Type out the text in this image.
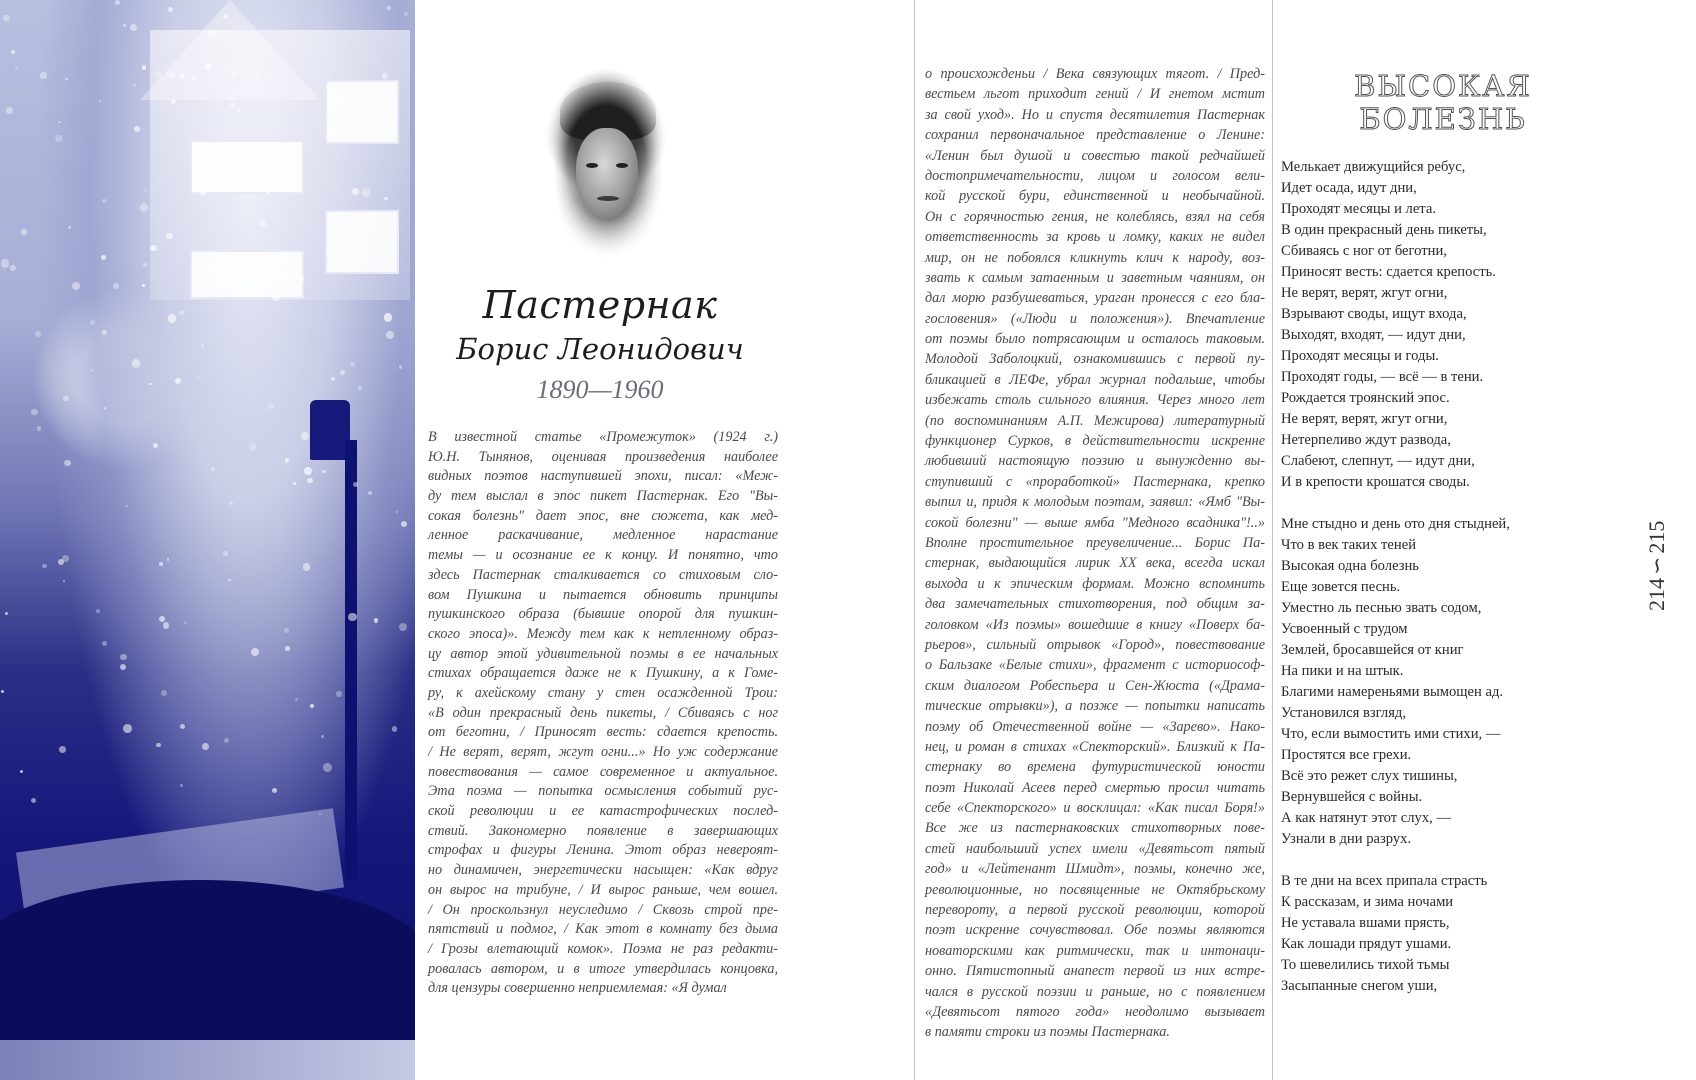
Пастернак
Борис Леонидович
1890—1960
В известной статье «Промежуток» (1924 г.)
Ю.Н. Тынянов, оценивая произведения наиболее
видных поэтов наступившей эпохи, писал: «Меж-
ду тем выслал в эпос пикет Пастернак. Его "Вы-
сокая болезнь" дает эпос, вне сюжета, как мед-
ленное раскачивание, медленное нарастание
темы — и осознание ее к концу. И понятно, что
здесь Пастернак сталкивается со стиховым сло-
вом Пушкина и пытается обновить принципы
пушкинского образа (бывшие опорой для пушкин-
ского эпоса)». Между тем как к нетленному образ-
цу автор этой удивительной поэмы в ее начальных
стихах обращается даже не к Пушкину, а к Гоме-
ру, к ахейскому стану у стен осажденной Трои:
«В один прекрасный день пикеты, / Сбиваясь с ног
от беготни, / Приносят весть: сдается крепость.
/ Не верят, верят, жгут огни...» Но уж содержание
повествования — самое современное и актуальное.
Эта поэма — попытка осмысления событий рус-
ской революции и ее катастрофических послед-
ствий. Закономерно появление в завершающих
строфах и фигуры Ленина. Этот образ невероят-
но динамичен, энергетически насыщен: «Как вдруг
он вырос на трибуне, / И вырос раньше, чем вошел.
/ Он проскользнул неуследимо / Сквозь строй пре-
пятствий и подмог, / Как этот в комнату без дыма
/ Грозы влетающий комок». Поэма не раз редакти-
ровалась автором, и в итоге утвердилась концовка,
для цензуры совершенно неприемлемая: «Я думал
о происхожденьи / Века связующих тягот. / Пред-
вестьем льгот приходит гений / И гнетом мстит
за свой уход». Но и спустя десятилетия Пастернак
сохранил первоначальное представление о Ленине:
«Ленин был душой и совестью такой редчайшей
достопримечательности, лицом и голосом вели-
кой русской бури, единственной и необычайной.
Он с горячностью гения, не колеблясь, взял на себя
ответственность за кровь и ломку, каких не видел
мир, он не побоялся кликнуть клич к народу, воз-
звать к самым затаенным и заветным чаяниям, он
дал морю разбушеваться, ураган пронесся с его бла-
гословения» («Люди и положения»). Впечатление
от поэмы было потрясающим и осталось таковым.
Молодой Заболоцкий, ознакомившись с первой пу-
бликацией в ЛЕФе, убрал журнал подальше, чтобы
избежать столь сильного влияния. Через много лет
(по воспоминаниям А.П. Межирова) литературный
функционер Сурков, в действительности искренне
любивший настоящую поэзию и вынужденно вы-
ступивший с «проработкой» Пастернака, крепко
выпил и, придя к молодым поэтам, заявил: «Ямб "Вы-
сокой болезни" — выше ямба "Медного всадника"!..»
Вполне простительное преувеличение... Борис Па-
стернак, выдающийся лирик XX века, всегда искал
выхода и к эпическим формам. Можно вспомнить
два замечательных стихотворения, под общим за-
головком «Из поэмы» вошедшие в книгу «Поверх ба-
рьеров», сильный отрывок «Город», повествование
о Бальзаке «Белые стихи», фрагмент с историософ-
ским диалогом Робеспьера и Сен-Жюста («Драма-
тические отрывки»), а позже — попытки написать
поэму об Отечественной войне — «Зарево». Нако-
нец, и роман в стихах «Спекторский». Близкий к Па-
стернаку во времена футуристической юности
поэт Николай Асеев перед смертью просил читать
себе «Спекторского» и восклицал: «Как писал Боря!»
Все же из пастернаковских стихотворных пове-
стей наибольший успех имели «Девятьсот пятый
год» и «Лейтенант Шмидт», поэмы, конечно же,
революционные, но посвященные не Октябрьскому
перевороту, а первой русской революции, которой
поэт искренне сочувствовал. Обе поэмы являются
новаторскими как ритмически, так и интонаци-
онно. Пятистопный анапест первой из них встре-
чался в русской поэзии и раньше, но с появлением
«Девятьсот пятого года» неодолимо вызывает
в памяти строки из поэмы Пастернака.
ВЫСОКАЯ
БОЛЕЗНЬ
Мелькает движущийся ребус,
Идет осада, идут дни,
Проходят месяцы и лета.
В один прекрасный день пикеты,
Сбиваясь с ног от беготни,
Приносят весть: сдается крепость.
Не верят, верят, жгут огни,
Взрывают своды, ищут входа,
Выходят, входят, — идут дни,
Проходят месяцы и годы.
Проходят годы, — всё — в тени.
Рождается троянский эпос.
Не верят, верят, жгут огни,
Нетерпеливо ждут развода,
Слабеют, слепнут, — идут дни,
И в крепости крошатся своды.
Мне стыдно и день ото дня стыдней,
Что в век таких теней
Высокая одна болезнь
Еще зовется песнь.
Уместно ль песнью звать содом,
Усвоенный с трудом
Землей, бросавшейся от книг
На пики и на штык.
Благими намереньями вымощен ад.
Установился взгляд,
Что, если вымостить ими стихи, —
Простятся все грехи.
Всё это режет слух тишины,
Вернувшейся с войны.
А как натянут этот слух, —
Узнали в дни разрух.
В те дни на всех припала страсть
К рассказам, и зима ночами
Не уставала вшами прясть,
Как лошади прядут ушами.
То шевелились тихой тьмы
Засыпанные снегом уши,
214∽215
